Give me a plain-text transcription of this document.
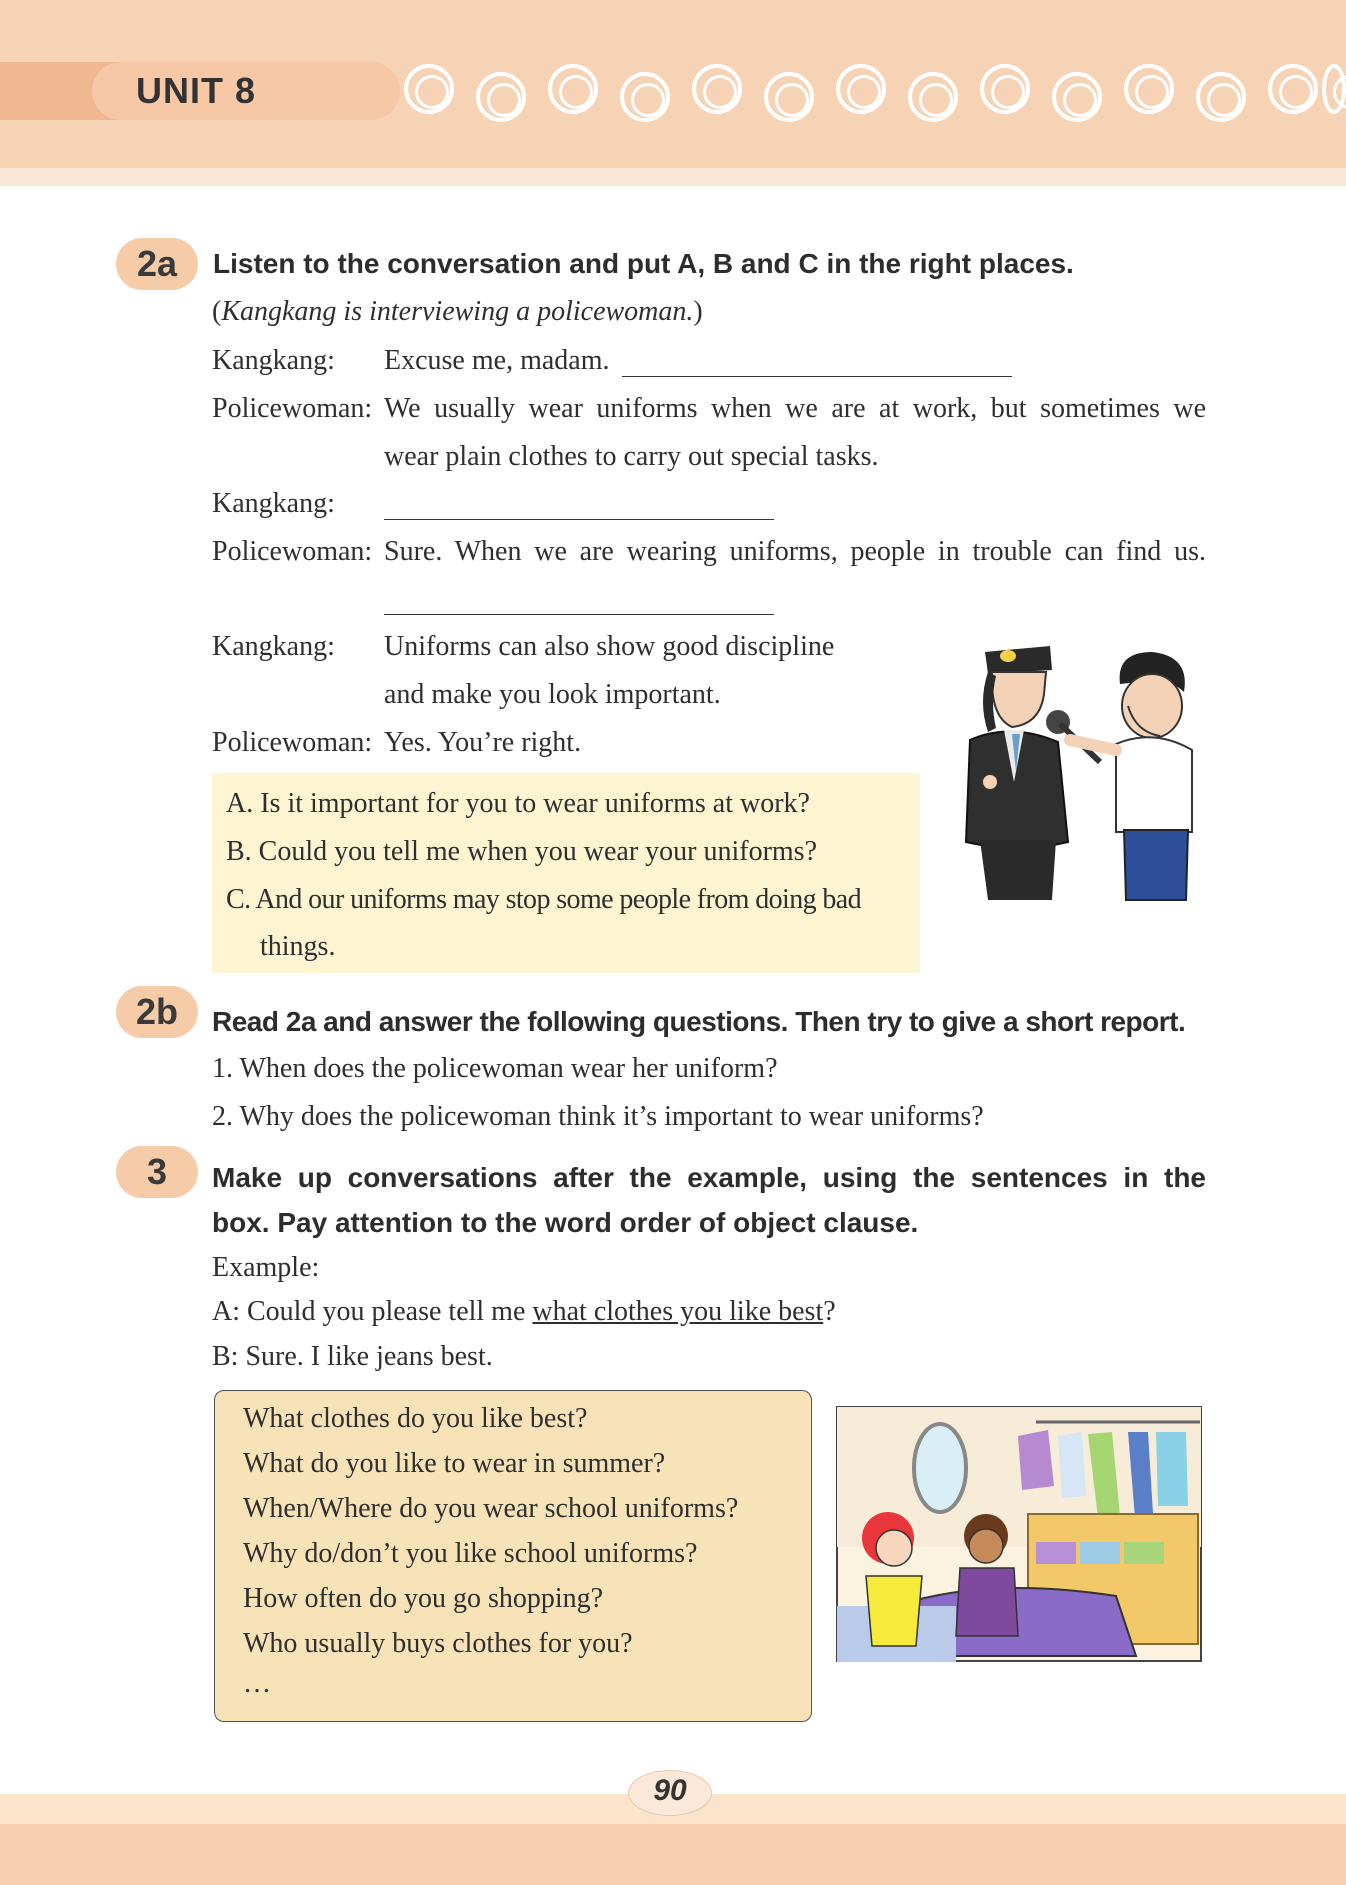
UNIT 8
2a	Listen to the conversation and put A, B and C in the right places.
(Kangkang is interviewing a policewoman.)
Kangkang: Excuse me, madam.
Policewoman: We usually wear uniforms when we are at work, but sometimes we
wear plain clothes to carry out special tasks.
Kangkang:
Policewoman: Sure. When we are wearing uniforms, people in trouble can find us.
Kangkang: Uniforms can also show good discipline
and make you look important.
Policewoman: Yes. You’re right.
A. Is it important for you to wear uniforms at work?
B. Could you tell me when you wear your uniforms?
C. And our uniforms may stop some people from doing bad
things.
2b	Read 2a and answer the following questions. Then try to give a short report.
1. When does the policewoman wear her uniform?
2. Why does the policewoman think it’s important to wear uniforms?
3	Make up conversations after the example, using the sentences in the
box. Pay attention to the word order of object clause.
Example:
A: Could you please tell me what clothes you like best?
B: Sure. I like jeans best.
What clothes do you like best?
What do you like to wear in summer?
When/Where do you wear school uniforms?
Why do/don’t you like school uniforms?
How often do you go shopping?
Who usually buys clothes for you?
…
90
